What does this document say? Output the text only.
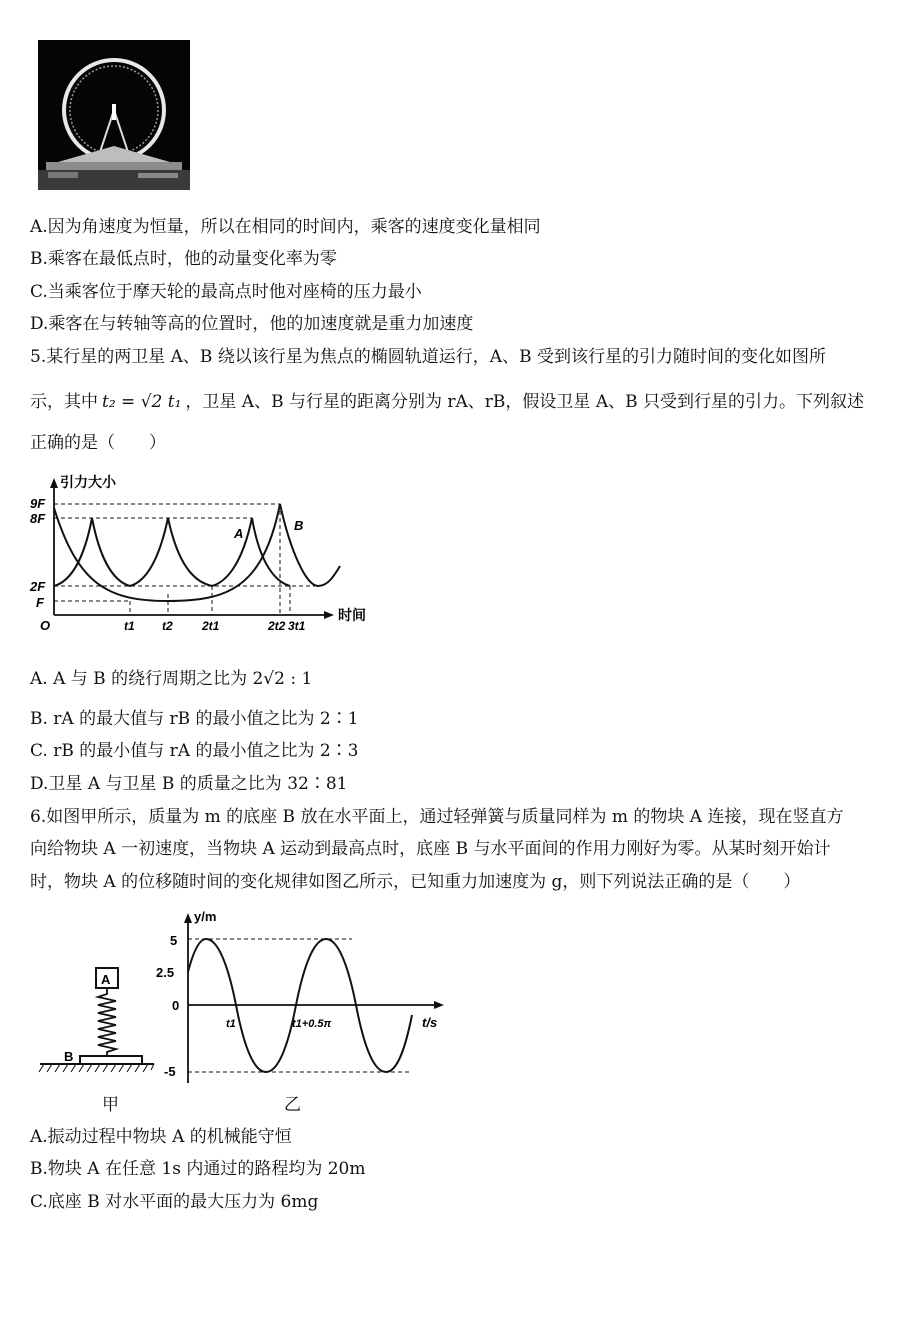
A.因为角速度为恒量，所以在相同的时间内，乘客的速度变化量相同
B.乘客在最低点时，他的动量变化率为零
C.当乘客位于摩天轮的最高点时他对座椅的压力最小
D.乘客在与转轴等高的位置时，他的加速度就是重力加速度
5.某行星的两卫星 A、B 绕以该行星为焦点的椭圆轨道运行，A、B 受到该行星的引力随时间的变化如图所
示，其中 t₂ = √2 t₁ ，卫星 A、B 与行星的距离分别为 rA、rB，假设卫星 A、B 只受到行星的引力。下列叙述
正确的是（　　）
引力大小
时间
O
9F
8F
2F
F
A
B
t1 t2 2t1	2t2 3t1
A. A 与 B 的绕行周期之比为 2√2 : 1
B. rA 的最大值与 rB 的最小值之比为 2∶1
C. rB 的最小值与 rA 的最小值之比为 2∶3
D.卫星 A 与卫星 B 的质量之比为 32∶81
6.如图甲所示，质量为 m 的底座 B 放在水平面上，通过轻弹簧与质量同样为 m 的物块 A 连接，现在竖直方
向给物块 A 一初速度，当物块 A 运动到最高点时，底座 B 与水平面间的作用力刚好为零。从某时刻开始计
时，物块 A 的位移随时间的变化规律如图乙所示，已知重力加速度为 g，则下列说法正确的是（　　）
A
B
甲
y/m
t/s
5
2.5
0
-5
t1	t1+0.5π
乙
A.振动过程中物块 A 的机械能守恒
B.物块 A 在任意 1s 内通过的路程均为 20m
C.底座 B 对水平面的最大压力为 6mg
